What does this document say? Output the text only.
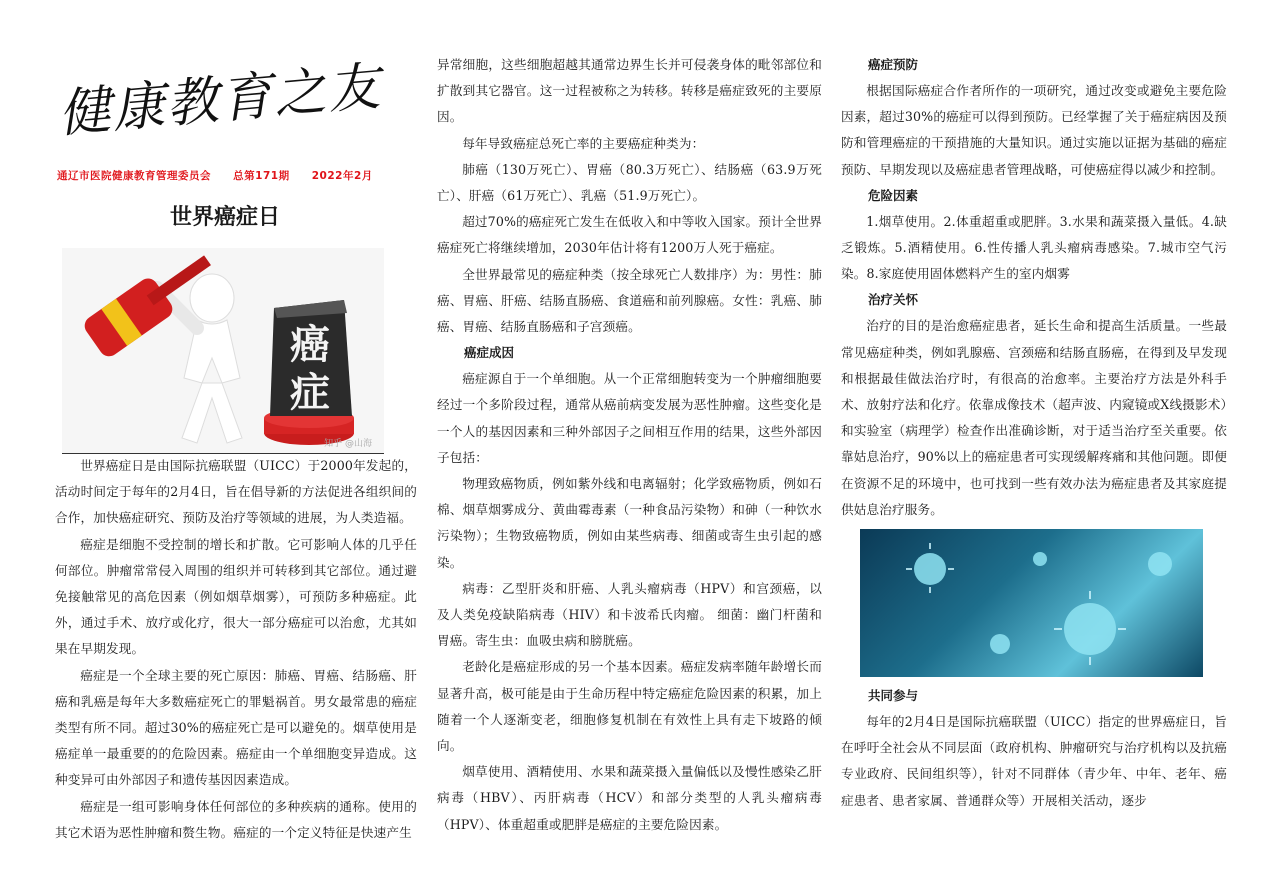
健康教育之友
通辽市医院健康教育管理委员会 总第171期 2022年2月
世界癌症日
癌
症
知乎 @山海

世界癌症日是由国际抗癌联盟（UICC）于2000年发起的，活动时间定于每年的2月4日，旨在倡导新的方法促进各组织间的合作，加快癌症研究、预防及治疗等领域的进展，为人类造福。

癌症是细胞不受控制的增长和扩散。它可影响人体的几乎任何部位。肿瘤常常侵入周围的组织并可转移到其它部位。通过避免接触常见的高危因素（例如烟草烟雾），可预防多种癌症。此外，通过手术、放疗或化疗，很大一部分癌症可以治愈，尤其如果在早期发现。

癌症是一个全球主要的死亡原因：肺癌、胃癌、结肠癌、肝癌和乳癌是每年大多数癌症死亡的罪魁祸首。男女最常患的癌症类型有所不同。超过30%的癌症死亡是可以避免的。烟草使用是癌症单一最重要的的危险因素。癌症由一个单细胞变异造成。这种变异可由外部因子和遗传基因因素造成。

癌症是一组可影响身体任何部位的多种疾病的通称。使用的其它术语为恶性肿瘤和赘生物。癌症的一个定义特征是快速产生

异常细胞，这些细胞超越其通常边界生长并可侵袭身体的毗邻部位和扩散到其它器官。这一过程被称之为转移。转移是癌症致死的主要原因。

每年导致癌症总死亡率的主要癌症种类为：

肺癌（130万死亡）、胃癌（80.3万死亡）、结肠癌（63.9万死亡）、肝癌（61万死亡）、乳癌（51.9万死亡）。

超过70%的癌症死亡发生在低收入和中等收入国家。预计全世界癌症死亡将继续增加，2030年估计将有1200万人死于癌症。

全世界最常见的癌症种类（按全球死亡人数排序）为：男性：肺癌、胃癌、肝癌、结肠直肠癌、食道癌和前列腺癌。女性：乳癌、肺癌、胃癌、结肠直肠癌和子宫颈癌。

癌症成因

癌症源自于一个单细胞。从一个正常细胞转变为一个肿瘤细胞要经过一个多阶段过程，通常从癌前病变发展为恶性肿瘤。这些变化是一个人的基因因素和三种外部因子之间相互作用的结果，这些外部因子包括：

物理致癌物质，例如紫外线和电离辐射；化学致癌物质，例如石棉、烟草烟雾成分、黄曲霉毒素（一种食品污染物）和砷（一种饮水污染物）；生物致癌物质，例如由某些病毒、细菌或寄生虫引起的感染。

病毒：乙型肝炎和肝癌、人乳头瘤病毒（HPV）和宫颈癌，以及人类免疫缺陷病毒（HIV）和卡波希氏肉瘤。 细菌：幽门杆菌和胃癌。寄生虫：血吸虫病和膀胱癌。

老龄化是癌症形成的另一个基本因素。癌症发病率随年龄增长而显著升高，极可能是由于生命历程中特定癌症危险因素的积累，加上随着一个人逐渐变老，细胞修复机制在有效性上具有走下坡路的倾向。

烟草使用、酒精使用、水果和蔬菜摄入量偏低以及慢性感染乙肝病毒（HBV）、丙肝病毒（HCV）和部分类型的人乳头瘤病毒（HPV）、体重超重或肥胖是癌症的主要危险因素。

癌症预防

根据国际癌症合作者所作的一项研究，通过改变或避免主要危险因素，超过30%的癌症可以得到预防。已经掌握了关于癌症病因及预防和管理癌症的干预措施的大量知识。通过实施以证据为基础的癌症预防、早期发现以及癌症患者管理战略，可使癌症得以减少和控制。

危险因素

1.烟草使用。2.体重超重或肥胖。3.水果和蔬菜摄入量低。4.缺乏锻炼。5.酒精使用。6.性传播人乳头瘤病毒感染。7.城市空气污染。8.家庭使用固体燃料产生的室内烟雾

治疗关怀

治疗的目的是治愈癌症患者，延长生命和提高生活质量。一些最常见癌症种类，例如乳腺癌、宫颈癌和结肠直肠癌，在得到及早发现和根据最佳做法治疗时，有很高的治愈率。主要治疗方法是外科手术、放射疗法和化疗。依靠成像技术（超声波、内窥镜或X线摄影术）和实验室（病理学）检查作出准确诊断，对于适当治疗至关重要。依靠姑息治疗，90%以上的癌症患者可实现缓解疼痛和其他问题。即便在资源不足的环境中，也可找到一些有效办法为癌症患者及其家庭提供姑息治疗服务。

共同参与

每年的2月4日是国际抗癌联盟（UICC）指定的世界癌症日，旨在呼吁全社会从不同层面（政府机构、肿瘤研究与治疗机构以及抗癌专业政府、民间组织等），针对不同群体（青少年、中年、老年、癌症患者、患者家属、普通群众等）开展相关活动，逐步
